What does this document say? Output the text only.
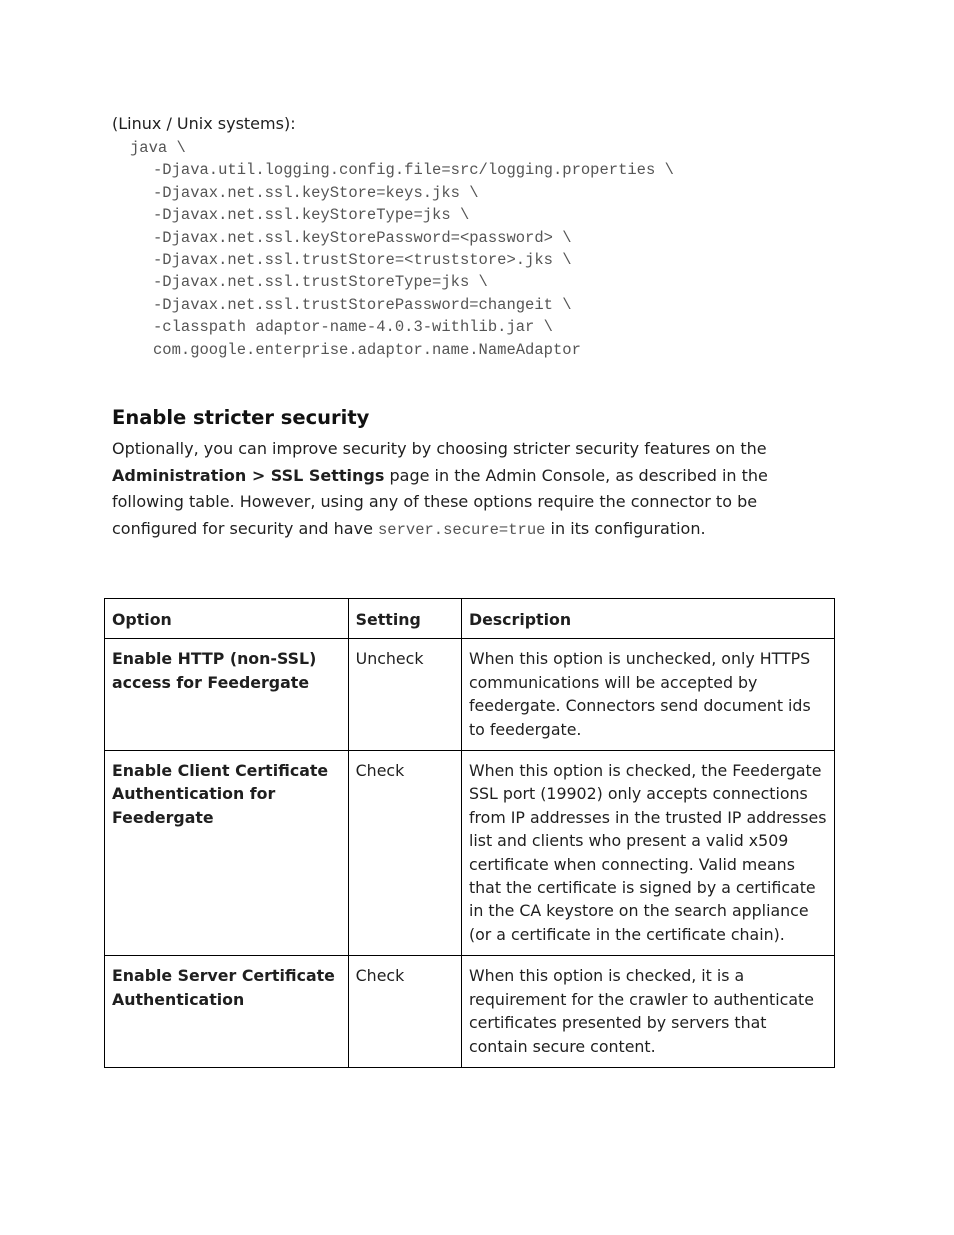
(Linux / Unix systems):
java \
-Djava.util.logging.config.file=src/logging.properties \
-Djavax.net.ssl.keyStore=keys.jks \
-Djavax.net.ssl.keyStoreType=jks \
-Djavax.net.ssl.keyStorePassword=<password> \
-Djavax.net.ssl.trustStore=<truststore>.jks \
-Djavax.net.ssl.trustStoreType=jks \
-Djavax.net.ssl.trustStorePassword=changeit \
-classpath adaptor-name-4.0.3-withlib.jar \
com.google.enterprise.adaptor.name.NameAdaptor
Enable stricter security

Optionally, you can improve security by choosing stricter security features on the Administration > SSL Settings page in the Admin Console, as described in the following table. However, using any of these options require the connector to be configured for security and have server.secure=true in its configuration.

Option	Setting	Description
Enable HTTP (non-SSL) access for Feedergate	Uncheck	When this option is unchecked, only HTTPS communications will be accepted by feedergate. Connectors send document ids to feedergate.
Enable Client Certificate Authentication for Feedergate	Check	When this option is checked, the Feedergate SSL port (19902) only accepts connections from IP addresses in the trusted IP addresses list and clients who present a valid x509 certificate when connecting. Valid means that the certificate is signed by a certificate in the CA keystore on the search appliance (or a certificate in the certificate chain).
Enable Server Certificate Authentication	Check	When this option is checked, it is a requirement for the crawler to authenticate certificates presented by servers that contain secure content.
